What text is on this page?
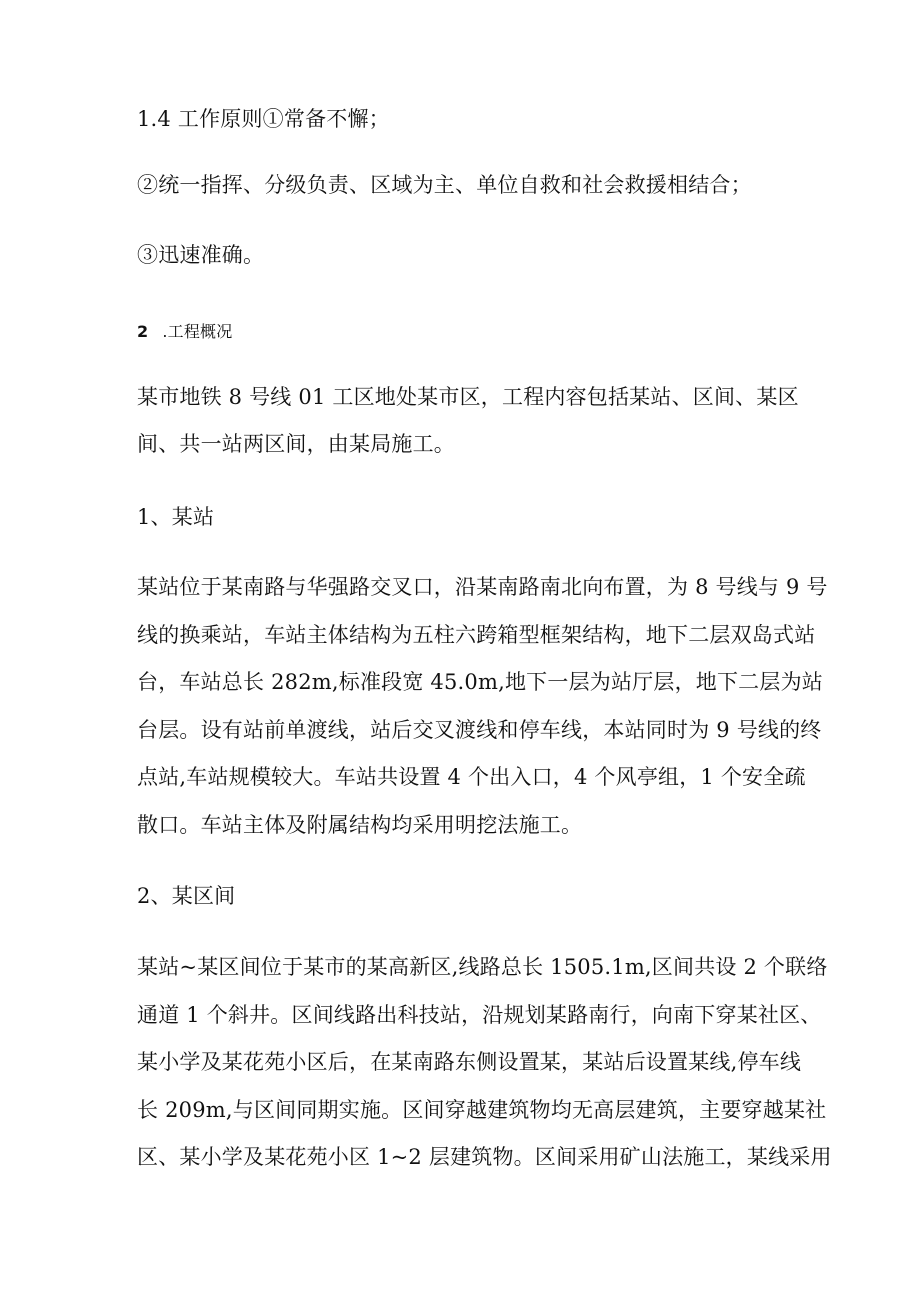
1.4 工作原则①常备不懈；
②统一指挥、分级负责、区域为主、单位自救和社会救援相结合；
③迅速准确。
2 .工程概况
某市地铁 8 号线 01 工区地处某市区，工程内容包括某站、区间、某区
间、共一站两区间，由某局施工。
1、某站
某站位于某南路与华强路交叉口，沿某南路南北向布置，为 8 号线与 9 号
线的换乘站，车站主体结构为五柱六跨箱型框架结构，地下二层双岛式站
台，车站总长 282m,标准段宽 45.0m,地下一层为站厅层，地下二层为站
台层。设有站前单渡线，站后交叉渡线和停车线，本站同时为 9 号线的终
点站,车站规模较大。车站共设置 4 个出入口，4 个风亭组，1 个安全疏
散口。车站主体及附属结构均采用明挖法施工。
2、某区间
某站~某区间位于某市的某高新区,线路总长 1505.1m,区间共设 2 个联络
通道 1 个斜井。区间线路出科技站，沿规划某路南行，向南下穿某社区、
某小学及某花苑小区后，在某南路东侧设置某，某站后设置某线,停车线
长 209m,与区间同期实施。区间穿越建筑物均无高层建筑，主要穿越某社
区、某小学及某花苑小区 1~2 层建筑物。区间采用矿山法施工，某线采用
